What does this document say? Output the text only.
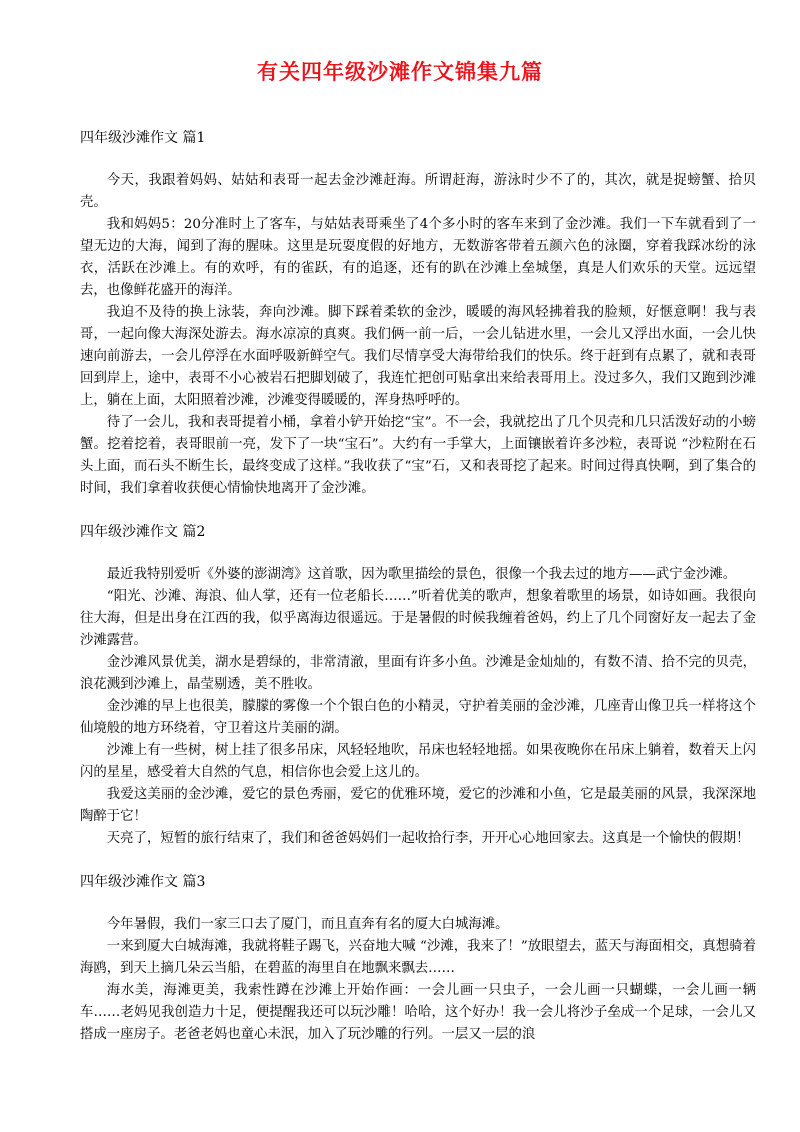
有关四年级沙滩作文锦集九篇

四年级沙滩作文 篇1

今天，我跟着妈妈、姑姑和表哥一起去金沙滩赶海。所谓赶海，游泳时少不了的，其次，就是捉螃蟹、拾贝壳。

我和妈妈5：20分准时上了客车，与姑姑表哥乘坐了4个多小时的客车来到了金沙滩。我们一下车就看到了一望无边的大海，闻到了海的腥味。这里是玩耍度假的好地方，无数游客带着五颜六色的泳圈，穿着我踩冰纷的泳衣，活跃在沙滩上。有的欢呼，有的雀跃，有的追逐，还有的趴在沙滩上垒城堡，真是人们欢乐的天堂。远远望去，也像鲜花盛开的海洋。

我迫不及待的换上泳装，奔向沙滩。脚下踩着柔软的金沙，暖暖的海风轻拂着我的脸颊，好惬意啊！我与表哥，一起向像大海深处游去。海水凉凉的真爽。我们俩一前一后，一会儿钻进水里，一会儿又浮出水面，一会儿快速向前游去，一会儿停浮在水面呼吸新鲜空气。我们尽情享受大海带给我们的快乐。终于赶到有点累了，就和表哥回到岸上，途中，表哥不小心被岩石把脚划破了，我连忙把创可贴拿出来给表哥用上。没过多久，我们又跑到沙滩上，躺在上面，太阳照着沙滩，沙滩变得暖暖的，浑身热呼呼的。

待了一会儿，我和表哥提着小桶，拿着小铲开始挖“宝”。不一会，我就挖出了几个贝壳和几只活泼好动的小螃蟹。挖着挖着，表哥眼前一亮，发下了一块“宝石”。大约有一手掌大，上面镶嵌着许多沙粒，表哥说 “沙粒附在石头上面，而石头不断生长，最终变成了这样。”我收获了“宝”石，又和表哥挖了起来。时间过得真快啊，到了集合的时间，我们拿着收获便心情愉快地离开了金沙滩。

四年级沙滩作文 篇2

最近我特别爱听《外婆的澎湖湾》这首歌，因为歌里描绘的景色，很像一个我去过的地方——武宁金沙滩。

“阳光、沙滩、海浪、仙人掌，还有一位老船长……”听着优美的歌声，想象着歌里的场景，如诗如画。我很向往大海，但是出身在江西的我，似乎离海边很遥远。于是暑假的时候我缠着爸妈，约上了几个同窗好友一起去了金沙滩露营。

金沙滩风景优美，湖水是碧绿的，非常清澈，里面有许多小鱼。沙滩是金灿灿的，有数不清、拾不完的贝壳，浪花溅到沙滩上，晶莹剔透，美不胜收。

金沙滩的早上也很美，朦朦的雾像一个个银白色的小精灵，守护着美丽的金沙滩，几座青山像卫兵一样将这个仙境般的地方环绕着，守卫着这片美丽的湖。

沙滩上有一些树，树上挂了很多吊床，风轻轻地吹，吊床也轻轻地摇。如果夜晚你在吊床上躺着，数着天上闪闪的星星，感受着大自然的气息，相信你也会爱上这儿的。

我爱这美丽的金沙滩，爱它的景色秀丽，爱它的优雅环境，爱它的沙滩和小鱼，它是最美丽的风景，我深深地陶醉于它！

天亮了，短暂的旅行结束了，我们和爸爸妈妈们一起收拾行李，开开心心地回家去。这真是一个愉快的假期！

四年级沙滩作文 篇3

今年暑假，我们一家三口去了厦门，而且直奔有名的厦大白城海滩。

一来到厦大白城海滩，我就将鞋子踢飞，兴奋地大喊 “沙滩，我来了！”放眼望去，蓝天与海面相交，真想骑着海鸥，到天上摘几朵云当船，在碧蓝的海里自在地飘来飘去……

海水美，海滩更美，我索性蹲在沙滩上开始作画：一会儿画一只虫子，一会儿画一只蝴蝶，一会儿画一辆车……老妈见我创造力十足，便提醒我还可以玩沙雕！哈哈，这个好办！我一会儿将沙子垒成一个足球，一会儿又搭成一座房子。老爸老妈也童心未泯，加入了玩沙雕的行列。一层又一层的浪
